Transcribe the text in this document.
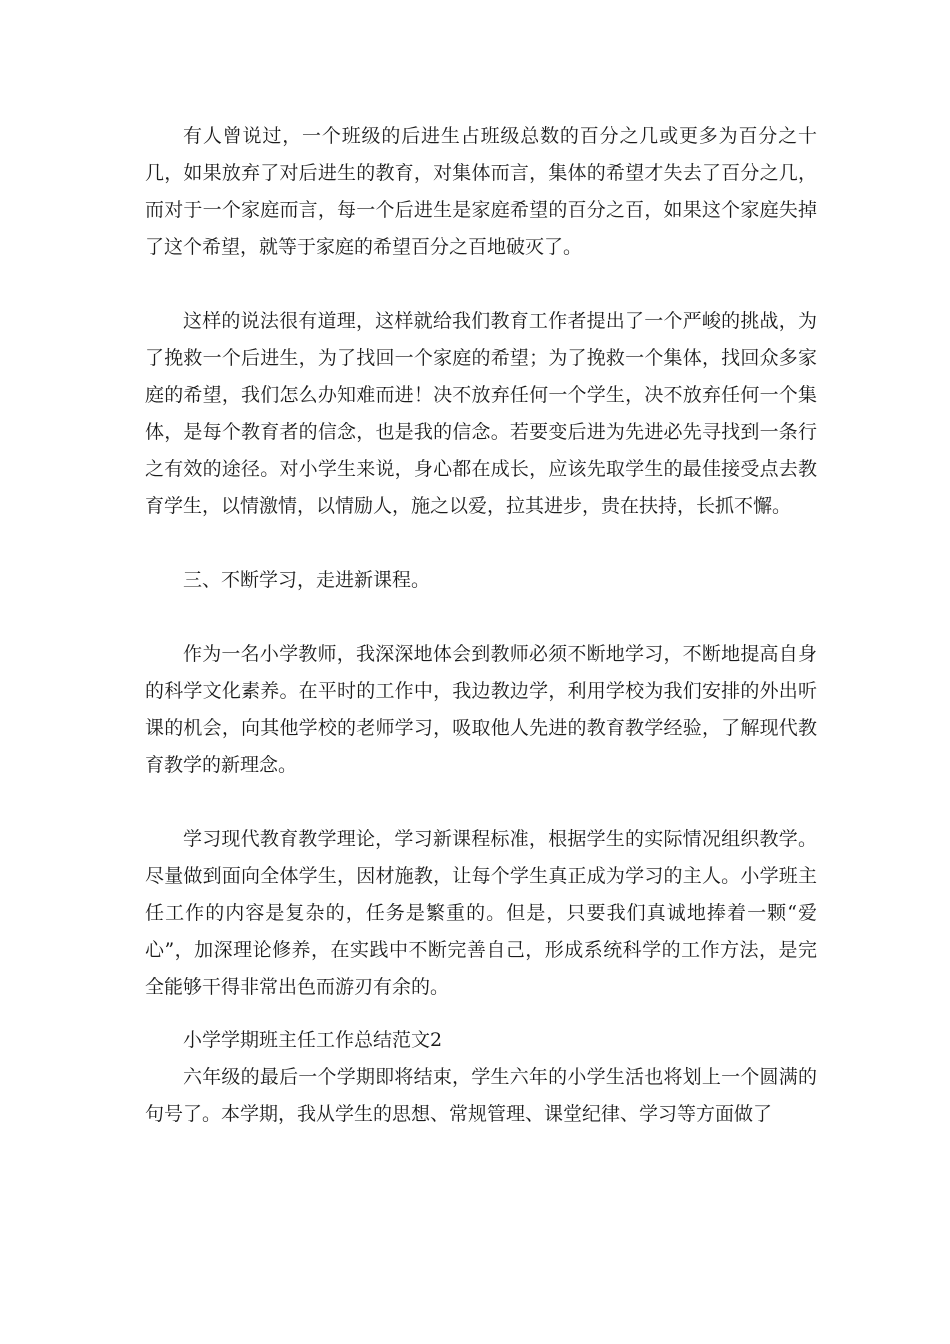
有人曾说过，一个班级的后进生占班级总数的百分之几或更多为百分之十几，如果放弃了对后进生的教育，对集体而言，集体的希望才失去了百分之几，而对于一个家庭而言，每一个后进生是家庭希望的百分之百，如果这个家庭失掉了这个希望，就等于家庭的希望百分之百地破灭了。

这样的说法很有道理，这样就给我们教育工作者提出了一个严峻的挑战，为了挽救一个后进生，为了找回一个家庭的希望；为了挽救一个集体，找回众多家庭的希望，我们怎么办知难而进！决不放弃任何一个学生，决不放弃任何一个集体，是每个教育者的信念，也是我的信念。若要变后进为先进必先寻找到一条行之有效的途径。对小学生来说，身心都在成长，应该先取学生的最佳接受点去教育学生，以情激情，以情励人，施之以爱，拉其进步，贵在扶持，长抓不懈。

三、不断学习，走进新课程。

作为一名小学教师，我深深地体会到教师必须不断地学习，不断地提高自身的科学文化素养。在平时的工作中，我边教边学，利用学校为我们安排的外出听课的机会，向其他学校的老师学习，吸取他人先进的教育教学经验，了解现代教育教学的新理念。

学习现代教育教学理论，学习新课程标准，根据学生的实际情况组织教学。尽量做到面向全体学生，因材施教，让每个学生真正成为学习的主人。小学班主任工作的内容是复杂的，任务是繁重的。但是，只要我们真诚地捧着一颗“爱心”，加深理论修养，在实践中不断完善自己，形成系统科学的工作方法，是完全能够干得非常出色而游刃有余的。

小学学期班主任工作总结范文2

六年级的最后一个学期即将结束，学生六年的小学生活也将划上一个圆满的句号了。本学期，我从学生的思想、常规管理、课堂纪律、学习等方面做了
